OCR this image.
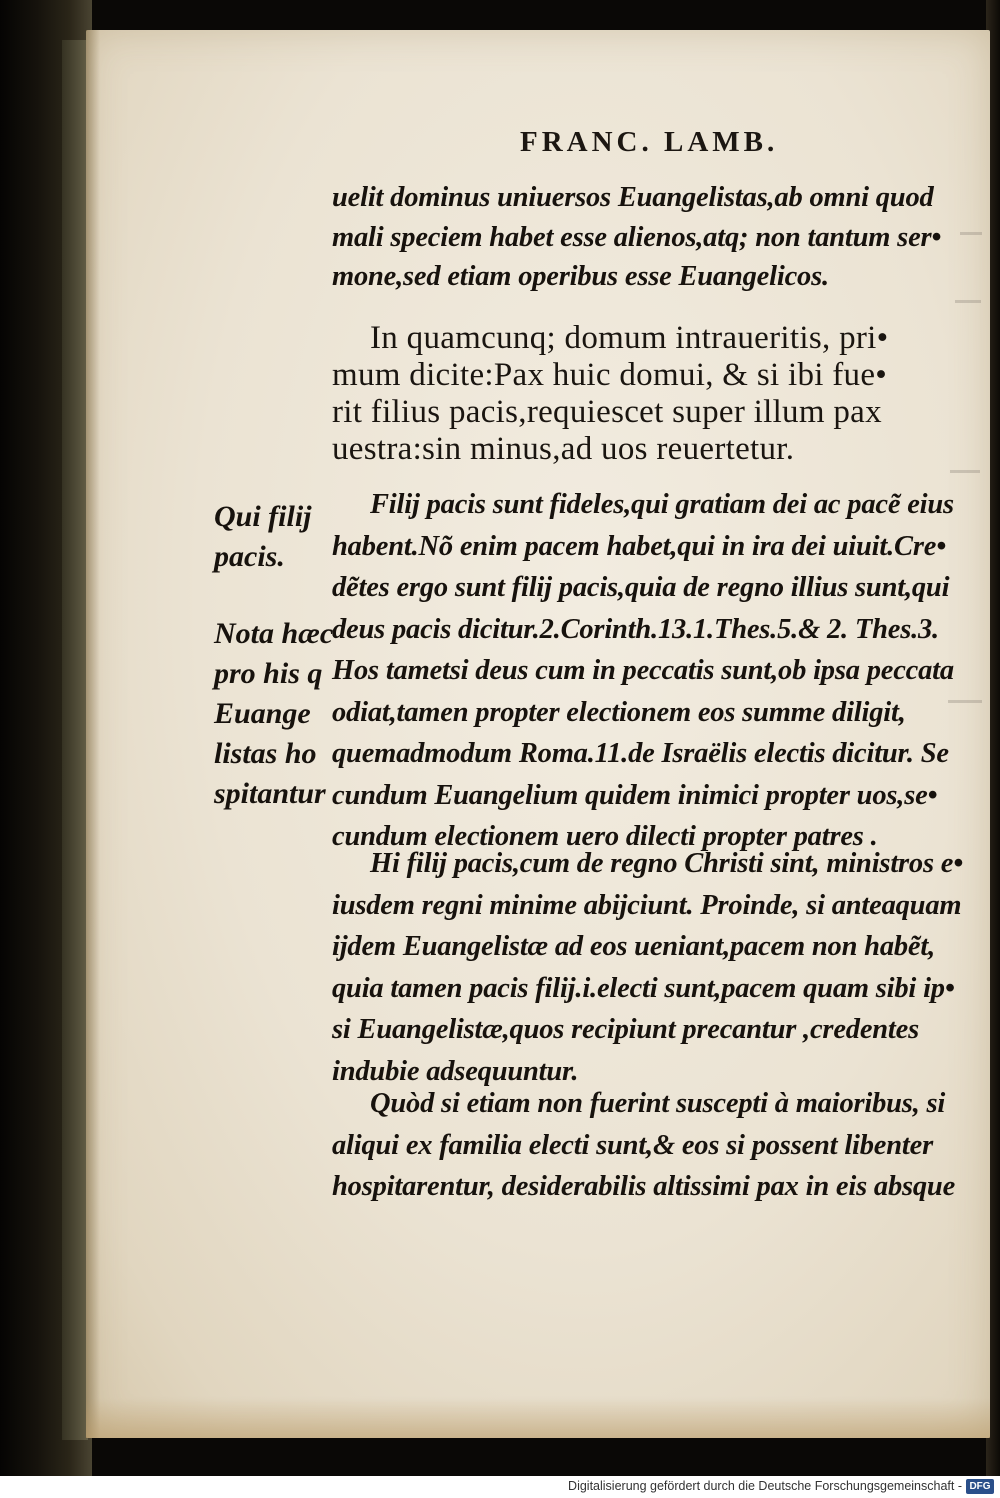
FRANC. LAMB.
uelit dominus uniuersos Euangelistas,ab omni quod
mali speciem habet esse alienos,atq; non tantum ser•
mone,sed etiam operibus esse Euangelicos.
In quamcunq; domum intraueritis, pri•
mum dicite:Pax huic domui, & si ibi fue•
rit filius pacis,requiescet super illum pax
uestra:sin minus,ad uos reuertetur.
Filij pacis sunt fideles,qui gratiam dei ac pacẽ eius
habent.Nõ enim pacem habet,qui in ira dei uiuit.Cre•
dẽtes ergo sunt filij pacis,quia de regno illius sunt,qui
deus pacis dicitur.2.Corinth.13.1.Thes.5.& 2. Thes.3.
Hos tametsi deus cum in peccatis sunt,ob ipsa peccata
odiat,tamen propter electionem eos summe diligit,
quemadmodum Roma.11.de Israëlis electis dicitur. Se
cundum Euangelium quidem inimici propter uos,se•
cundum electionem uero dilecti propter patres .
Hi filij pacis,cum de regno Christi sint, ministros e•
iusdem regni minime abijciunt. Proinde, si anteaquam
ijdem Euangelistæ ad eos ueniant,pacem non habẽt,
quia tamen pacis filij.i.electi sunt,pacem quam sibi ip•
si Euangelistæ,quos recipiunt precantur ,credentes
indubie adsequuntur.
Quòd si etiam non fuerint suscepti à maioribus, si
aliqui ex familia electi sunt,& eos si possent libenter
hospitarentur, desiderabilis altissimi pax in eis absque
Qui filij
pacis.
Nota hæc
pro his q
Euange
listas ho
spitantur
Digitalisierung gefördert durch die Deutsche Forschungsgemeinschaft - DFG
